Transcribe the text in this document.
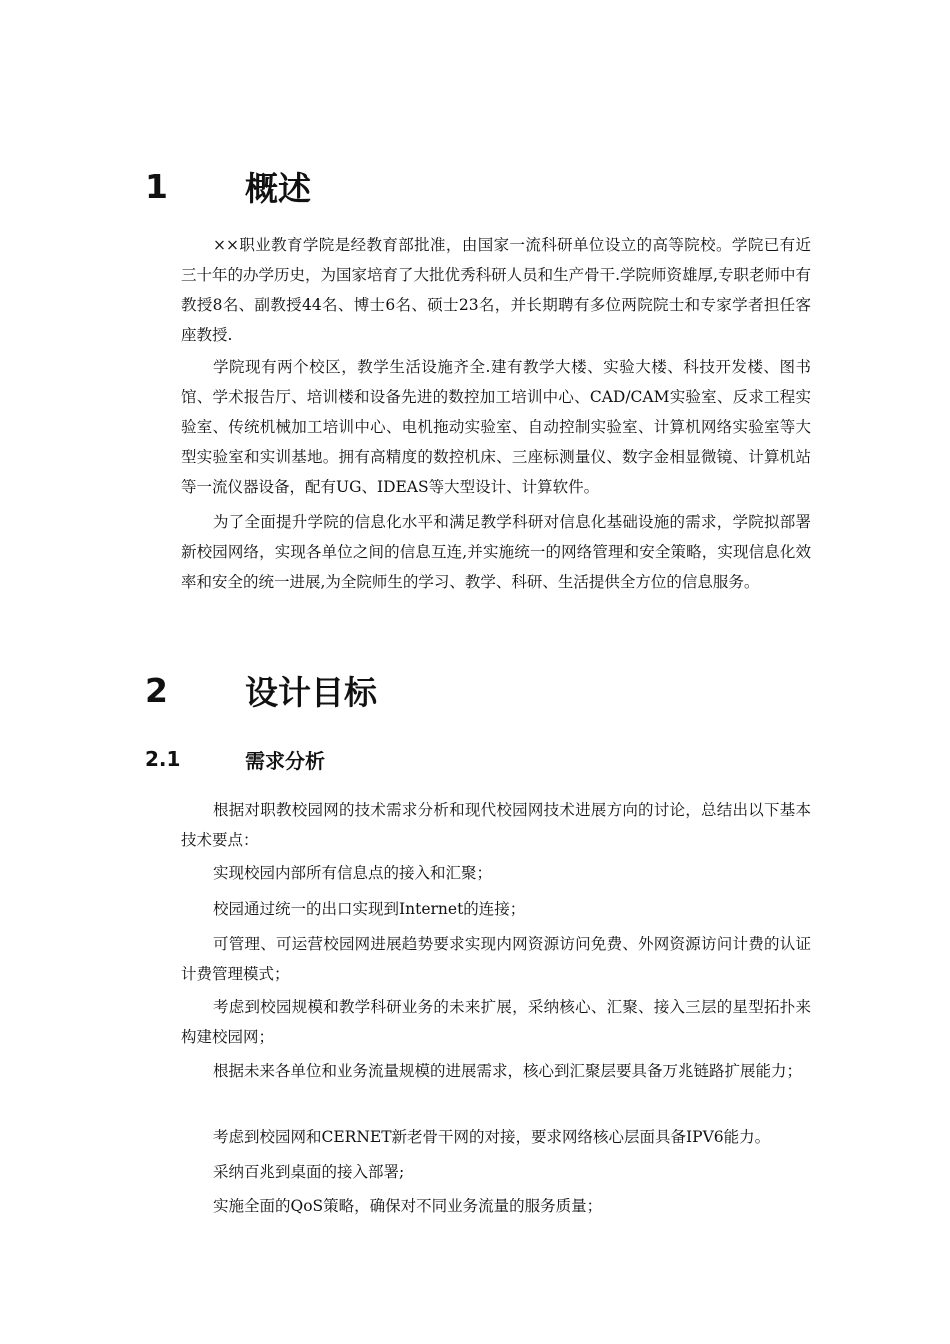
1	概述

××职业教育学院是经教育部批准，由国家一流科研单位设立的高等院校。学院已有近三十年的办学历史，为国家培育了大批优秀科研人员和生产骨干.学院师资雄厚,专职老师中有教授8名、副教授44名、博士6名、硕士23名，并长期聘有多位两院院士和专家学者担任客座教授.

学院现有两个校区，教学生活设施齐全.建有教学大楼、实验大楼、科技开发楼、图书馆、学术报告厅、培训楼和设备先进的数控加工培训中心、CAD/CAM实验室、反求工程实验室、传统机械加工培训中心、电机拖动实验室、自动控制实验室、计算机网络实验室等大型实验室和实训基地。拥有高精度的数控机床、三座标测量仪、数字金相显微镜、计算机站等一流仪器设备，配有UG、IDEAS等大型设计、计算软件。

为了全面提升学院的信息化水平和满足教学科研对信息化基础设施的需求，学院拟部署新校园网络，实现各单位之间的信息互连,并实施统一的网络管理和安全策略，实现信息化效率和安全的统一进展,为全院师生的学习、教学、科研、生活提供全方位的信息服务。

2	设计目标
2.1	需求分析

根据对职教校园网的技术需求分析和现代校园网技术进展方向的讨论，总结出以下基本技术要点：

实现校园内部所有信息点的接入和汇聚；

校园通过统一的出口实现到Internet的连接；

可管理、可运营校园网进展趋势要求实现内网资源访问免费、外网资源访问计费的认证计费管理模式；

考虑到校园规模和教学科研业务的未来扩展，采纳核心、汇聚、接入三层的星型拓扑来构建校园网；

根据未来各单位和业务流量规模的进展需求，核心到汇聚层要具备万兆链路扩展能力；

考虑到校园网和CERNET新老骨干网的对接，要求网络核心层面具备IPV6能力。

采纳百兆到桌面的接入部署;

实施全面的QoS策略，确保对不同业务流量的服务质量；
